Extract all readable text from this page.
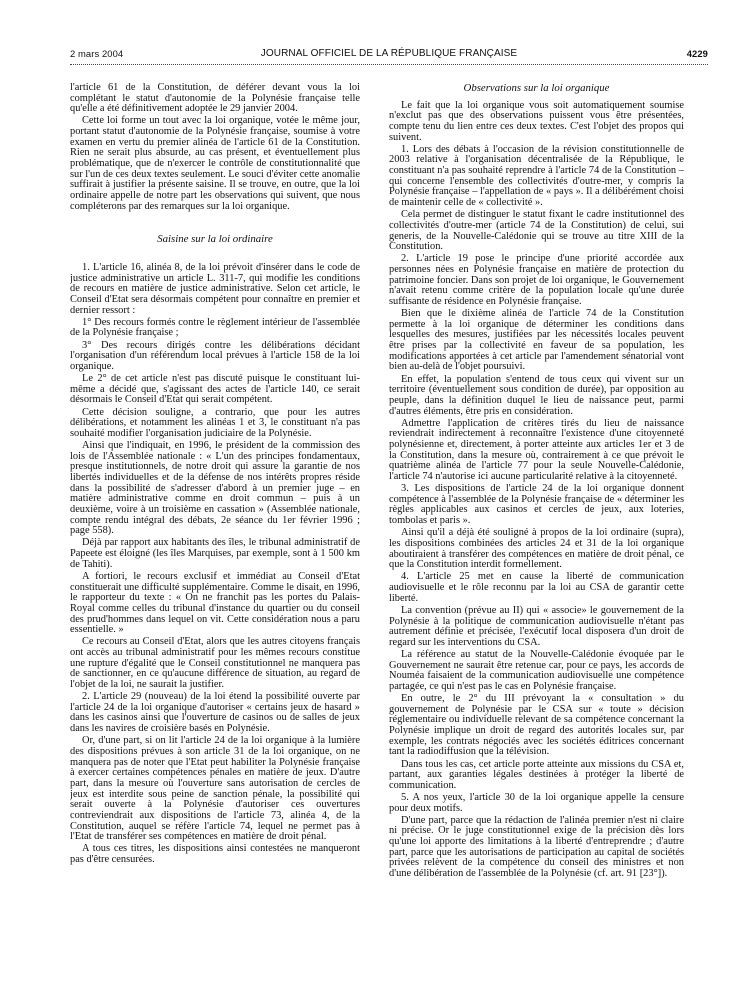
2 mars 2004	JOURNAL OFFICIEL DE LA RÉPUBLIQUE FRANÇAISE	4229

l'article 61 de la Constitution, de déférer devant vous la loi complétant le statut d'autonomie de la Polynésie française telle qu'elle a été définitivement adoptée le 29 janvier 2004.

Cette loi forme un tout avec la loi organique, votée le même jour, portant statut d'autonomie de la Polynésie française, soumise à votre examen en vertu du premier alinéa de l'article 61 de la Constitution. Rien ne serait plus absurde, au cas présent, et éventuellement plus problématique, que de n'exercer le contrôle de constitutionnalité que sur l'un de ces deux textes seulement. Le souci d'éviter cette anomalie suffirait à justifier la présente saisine. Il se trouve, en outre, que la loi ordinaire appelle de notre part les observations qui suivent, que nous compléterons par des remarques sur la loi organique.

Saisine sur la loi ordinaire

1. L'article 16, alinéa 8, de la loi prévoit d'insérer dans le code de justice administrative un article L. 311-7, qui modifie les conditions de recours en matière de justice administrative. Selon cet article, le Conseil d'Etat sera désormais compétent pour connaître en premier et dernier ressort :

1° Des recours formés contre le règlement intérieur de l'assemblée de la Polynésie française ;

3° Des recours dirigés contre les délibérations décidant l'organisation d'un référendum local prévues à l'article 158 de la loi organique.

Le 2° de cet article n'est pas discuté puisque le constituant lui-même a décidé que, s'agissant des actes de l'article 140, ce serait désormais le Conseil d'Etat qui serait compétent.

Cette décision souligne, a contrario, que pour les autres délibérations, et notamment les alinéas 1 et 3, le constituant n'a pas souhaité modifier l'organisation judiciaire de la Polynésie.

Ainsi que l'indiquait, en 1996, le président de la commission des lois de l'Assemblée nationale : « L'un des principes fondamentaux, presque institutionnels, de notre droit qui assure la garantie de nos libertés individuelles et de la défense de nos intérêts propres réside dans la possibilité de s'adresser d'abord à un premier juge – en matière administrative comme en droit commun – puis à un deuxième, voire à un troisième en cassation » (Assemblée nationale, compte rendu intégral des débats, 2e séance du 1er février 1996 ; page 558).

Déjà par rapport aux habitants des îles, le tribunal administratif de Papeete est éloigné (les îles Marquises, par exemple, sont à 1 500 km de Tahiti).

A fortiori, le recours exclusif et immédiat au Conseil d'Etat constituerait une difficulté supplémentaire. Comme le disait, en 1996, le rapporteur du texte : « On ne franchit pas les portes du Palais-Royal comme celles du tribunal d'instance du quartier ou du conseil des prud'hommes dans lequel on vit. Cette considération nous a paru essentielle. »

Ce recours au Conseil d'Etat, alors que les autres citoyens français ont accès au tribunal administratif pour les mêmes recours constitue une rupture d'égalité que le Conseil constitutionnel ne manquera pas de sanctionner, en ce qu'aucune différence de situation, au regard de l'objet de la loi, ne saurait la justifier.

2. L'article 29 (nouveau) de la loi étend la possibilité ouverte par l'article 24 de la loi organique d'autoriser « certains jeux de hasard » dans les casinos ainsi que l'ouverture de casinos ou de salles de jeux dans les navires de croisière basés en Polynésie.

Or, d'une part, si on lit l'article 24 de la loi organique à la lumière des dispositions prévues à son article 31 de la loi organique, on ne manquera pas de noter que l'Etat peut habiliter la Polynésie française à exercer certaines compétences pénales en matière de jeux. D'autre part, dans la mesure où l'ouverture sans autorisation de cercles de jeux est interdite sous peine de sanction pénale, la possibilité qui serait ouverte à la Polynésie d'autoriser ces ouvertures contreviendrait aux dispositions de l'article 73, alinéa 4, de la Constitution, auquel se réfère l'article 74, lequel ne permet pas à l'Etat de transférer ses compétences en matière de droit pénal.

A tous ces titres, les dispositions ainsi contestées ne manqueront pas d'être censurées.

Observations sur la loi organique

Le fait que la loi organique vous soit automatiquement soumise n'exclut pas que des observations puissent vous être présentées, compte tenu du lien entre ces deux textes. C'est l'objet des propos qui suivent.

1. Lors des débats à l'occasion de la révision constitutionnelle de 2003 relative à l'organisation décentralisée de la République, le constituant n'a pas souhaité reprendre à l'article 74 de la Constitution – qui concerne l'ensemble des collectivités d'outre-mer, y compris la Polynésie française – l'appellation de « pays ». Il a délibérément choisi de maintenir celle de « collectivité ».

Cela permet de distinguer le statut fixant le cadre institutionnel des collectivités d'outre-mer (article 74 de la Constitution) de celui, sui generis, de la Nouvelle-Calédonie qui se trouve au titre XIII de la Constitution.

2. L'article 19 pose le principe d'une priorité accordée aux personnes nées en Polynésie française en matière de protection du patrimoine foncier. Dans son projet de loi organique, le Gouvernement n'avait retenu comme critère de la population locale qu'une durée suffisante de résidence en Polynésie française.

Bien que le dixième alinéa de l'article 74 de la Constitution permette à la loi organique de déterminer les conditions dans lesquelles des mesures, justifiées par les nécessités locales peuvent être prises par la collectivité en faveur de sa population, les modifications apportées à cet article par l'amendement sénatorial vont bien au-delà de l'objet poursuivi.

En effet, la population s'entend de tous ceux qui vivent sur un territoire (éventuellement sous condition de durée), par opposition au peuple, dans la définition duquel le lieu de naissance peut, parmi d'autres éléments, être pris en considération.

Admettre l'application de critères tirés du lieu de naissance reviendrait indirectement à reconnaître l'existence d'une citoyenneté polynésienne et, directement, à porter atteinte aux articles 1er et 3 de la Constitution, dans la mesure où, contrairement à ce que prévoit le quatrième alinéa de l'article 77 pour la seule Nouvelle-Calédonie, l'article 74 n'autorise ici aucune particularité relative à la citoyenneté.

3. Les dispositions de l'article 24 de la loi organique donnent compétence à l'assemblée de la Polynésie française de « déterminer les règles applicables aux casinos et cercles de jeux, aux loteries, tombolas et paris ».

Ainsi qu'il a déjà été souligné à propos de la loi ordinaire (supra), les dispositions combinées des articles 24 et 31 de la loi organique aboutiraient à transférer des compétences en matière de droit pénal, ce que la Constitution interdit formellement.

4. L'article 25 met en cause la liberté de communication audiovisuelle et le rôle reconnu par la loi au CSA de garantir cette liberté.

La convention (prévue au II) qui « associe» le gouvernement de la Polynésie à la politique de communication audiovisuelle n'étant pas autrement définie et précisée, l'exécutif local disposera d'un droit de regard sur les interventions du CSA.

La référence au statut de la Nouvelle-Calédonie évoquée par le Gouvernement ne saurait être retenue car, pour ce pays, les accords de Nouméa faisaient de la communication audiovisuelle une compétence partagée, ce qui n'est pas le cas en Polynésie française.

En outre, le 2° du III prévoyant la « consultation » du gouvernement de Polynésie par le CSA sur « toute » décision réglementaire ou individuelle relevant de sa compétence concernant la Polynésie implique un droit de regard des autorités locales sur, par exemple, les contrats négociés avec les sociétés éditrices concernant tant la radiodiffusion que la télévision.

Dans tous les cas, cet article porte atteinte aux missions du CSA et, partant, aux garanties légales destinées à protéger la liberté de communication.

5. A nos yeux, l'article 30 de la loi organique appelle la censure pour deux motifs.

D'une part, parce que la rédaction de l'alinéa premier n'est ni claire ni précise. Or le juge constitutionnel exige de la précision dès lors qu'une loi apporte des limitations à la liberté d'entreprendre ; d'autre part, parce que les autorisations de participation au capital de sociétés privées relèvent de la compétence du conseil des ministres et non d'une délibération de l'assemblée de la Polynésie (cf. art. 91 [23°]).
